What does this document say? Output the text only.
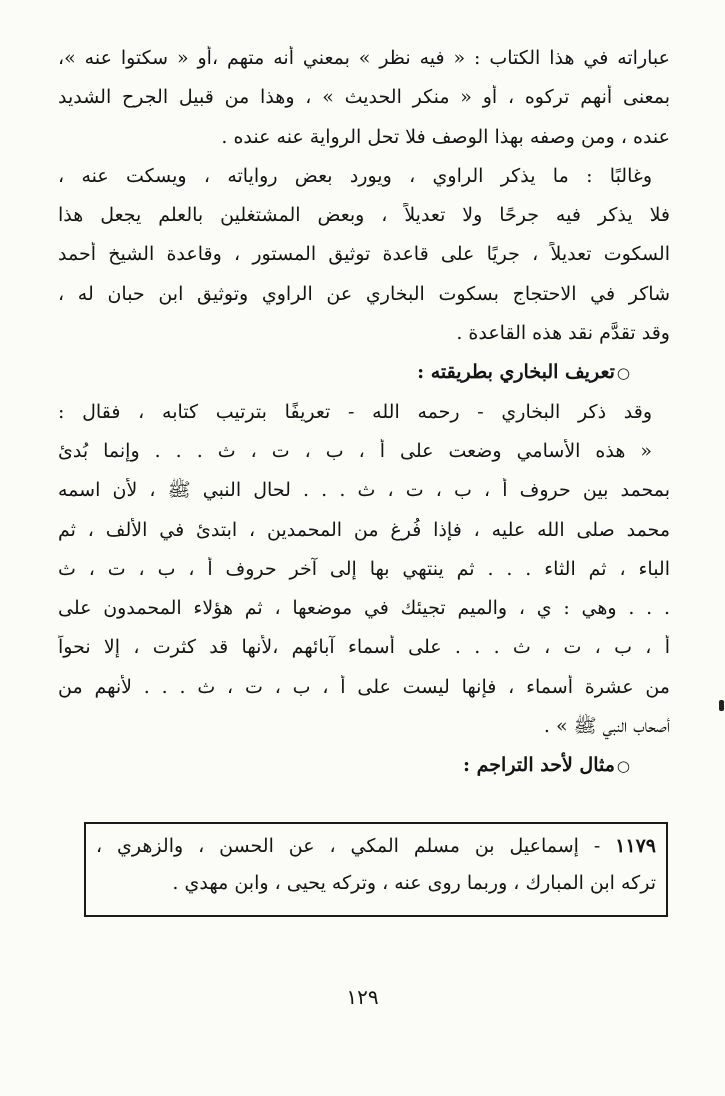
عباراته في هذا الكتاب : « فيه نظر » بمعني أنه متهم ،أو « سكتوا عنه »،
بمعنى أنهم تركوه ، أو « منكر الحديث » ، وهذا من قبيل الجرح الشديد
عنده ، ومن وصفه بهذا الوصف فلا تحل الرواية عنه عنده .
وغالبًا : ما يذكر الراوي ، ويورد بعض رواياته ، ويسكت عنه ،
فلا يذكر فيه جرحًا ولا تعديلاً ، وبعض المشتغلين بالعلم يجعل هذا
السكوت تعديلاً ، جريًا على قاعدة توثيق المستور ، وقاعدة الشيخ أحمد
شاكر في الاحتجاج بسكوت البخاري عن الراوي وتوثيق ابن حبان له ،
وقد تقدَّم نقد هذه القاعدة .
○تعريف البخاري بطريقته :
وقد ذكر البخاري - رحمه الله - تعريفًا بترتيب كتابه ، فقال :
« هذه الأسامي وضعت على أ ، ب ، ت ، ث . . . وإنما بُدئ
بمحمد بين حروف أ ، ب ، ت ، ث . . . لحال النبي ﷺ ، لأن اسمه
محمد صلى الله عليه ، فإذا فُرغ من المحمدين ، ابتدئ في الألف ، ثم
الباء ، ثم الثاء . . . ثم ينتهي بها إلى آخر حروف أ ، ب ، ت ، ث
. . . وهي : ي ، والميم تجيئك في موضعها ، ثم هؤلاء المحمدون على
أ ، ب ، ت ، ث . . . على أسماء آبائهم ،لأنها قد كثرت ، إلا نحواً
من عشرة أسماء ، فإنها ليست على أ ، ب ، ت ، ث . . . لأنهم من
أصحاب النبي ﷺ » .
○مثال لأحد التراجم :
١١٧٩ - إسماعيل بن مسلم المكي ، عن الحسن ، والزهري ،
تركه ابن المبارك ، وربما روى عنه ، وتركه يحيى ، وابن مهدي .
١٢٩
